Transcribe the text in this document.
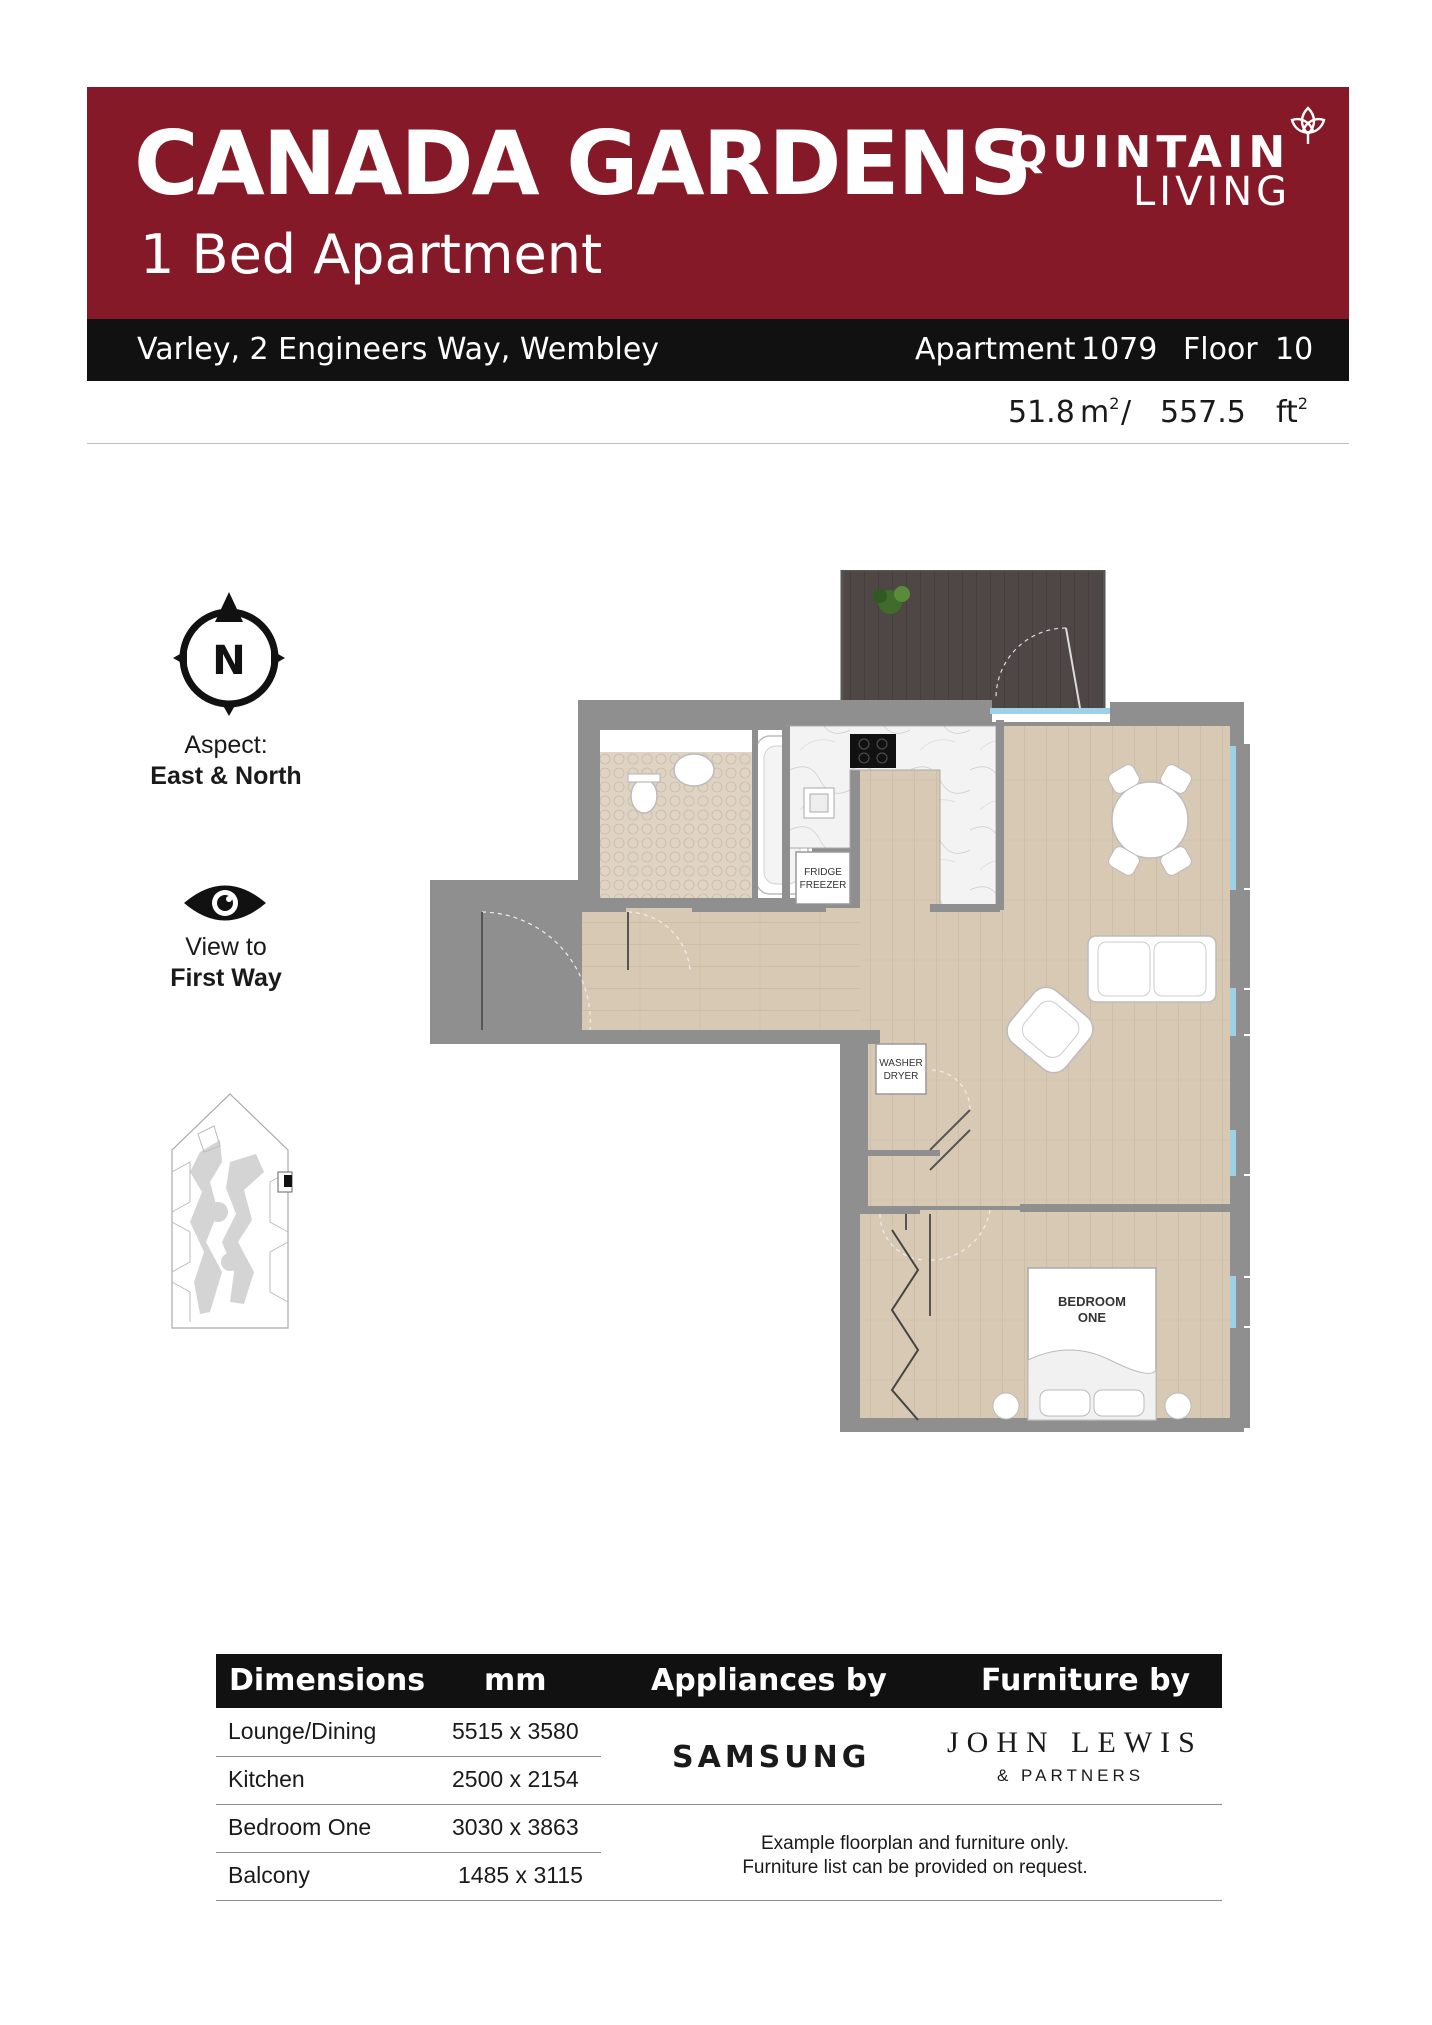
CANADA GARDENS
1 Bed Apartment
QUINTAIN
LIVING
Varley, 2 Engineers Way, Wembley	Apartment 1079 Floor 10
51.8 $m^2 / 557.5$ $ft^2$
N
Aspect:
East & North
View to
First Way
FRIDGE
FREEZER
WASHER
DRYER
BEDROOM
ONE
Dimensions mm	Appliances by	Furniture by
Lounge/Dining	5515 x 3580
Kitchen	2500 x 2154
Bedroom One	3030 x 3863
Balcony	1485 x 3115
SAMSUNG	JOHN LEWIS
& PARTNERS
Example floorplan and furniture only.
Furniture list can be provided on request.
